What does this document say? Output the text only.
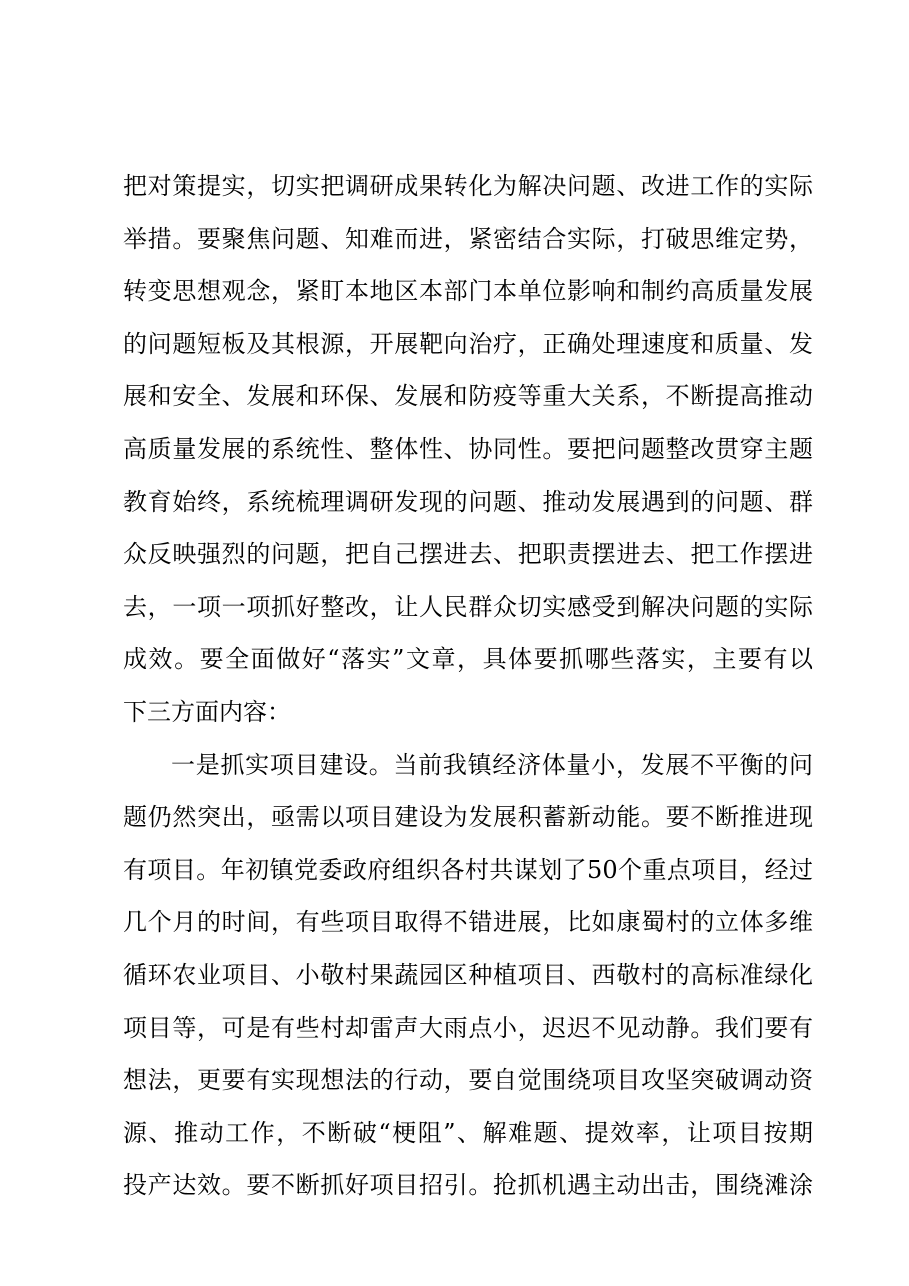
把对策提实，切实把调研成果转化为解决问题、改进工作的实际
举措。要聚焦问题、知难而进，紧密结合实际，打破思维定势，
转变思想观念，紧盯本地区本部门本单位影响和制约高质量发展
的问题短板及其根源，开展靶向治疗，正确处理速度和质量、发
展和安全、发展和环保、发展和防疫等重大关系，不断提高推动
高质量发展的系统性、整体性、协同性。要把问题整改贯穿主题
教育始终，系统梳理调研发现的问题、推动发展遇到的问题、群
众反映强烈的问题，把自己摆进去、把职责摆进去、把工作摆进
去，一项一项抓好整改，让人民群众切实感受到解决问题的实际
成效。要全面做好“落实”文章，具体要抓哪些落实，主要有以
下三方面内容：
一是抓实项目建设。当前我镇经济体量小，发展不平衡的问
题仍然突出，亟需以项目建设为发展积蓄新动能。要不断推进现
有项目。年初镇党委政府组织各村共谋划了50个重点项目，经过
几个月的时间，有些项目取得不错进展，比如康蜀村的立体多维
循环农业项目、小敬村果蔬园区种植项目、西敬村的高标准绿化
项目等，可是有些村却雷声大雨点小，迟迟不见动静。我们要有
想法，更要有实现想法的行动，要自觉围绕项目攻坚突破调动资
源、推动工作，不断破“梗阻”、解难题、提效率，让项目按期
投产达效。要不断抓好项目招引。抢抓机遇主动出击，围绕滩涂
